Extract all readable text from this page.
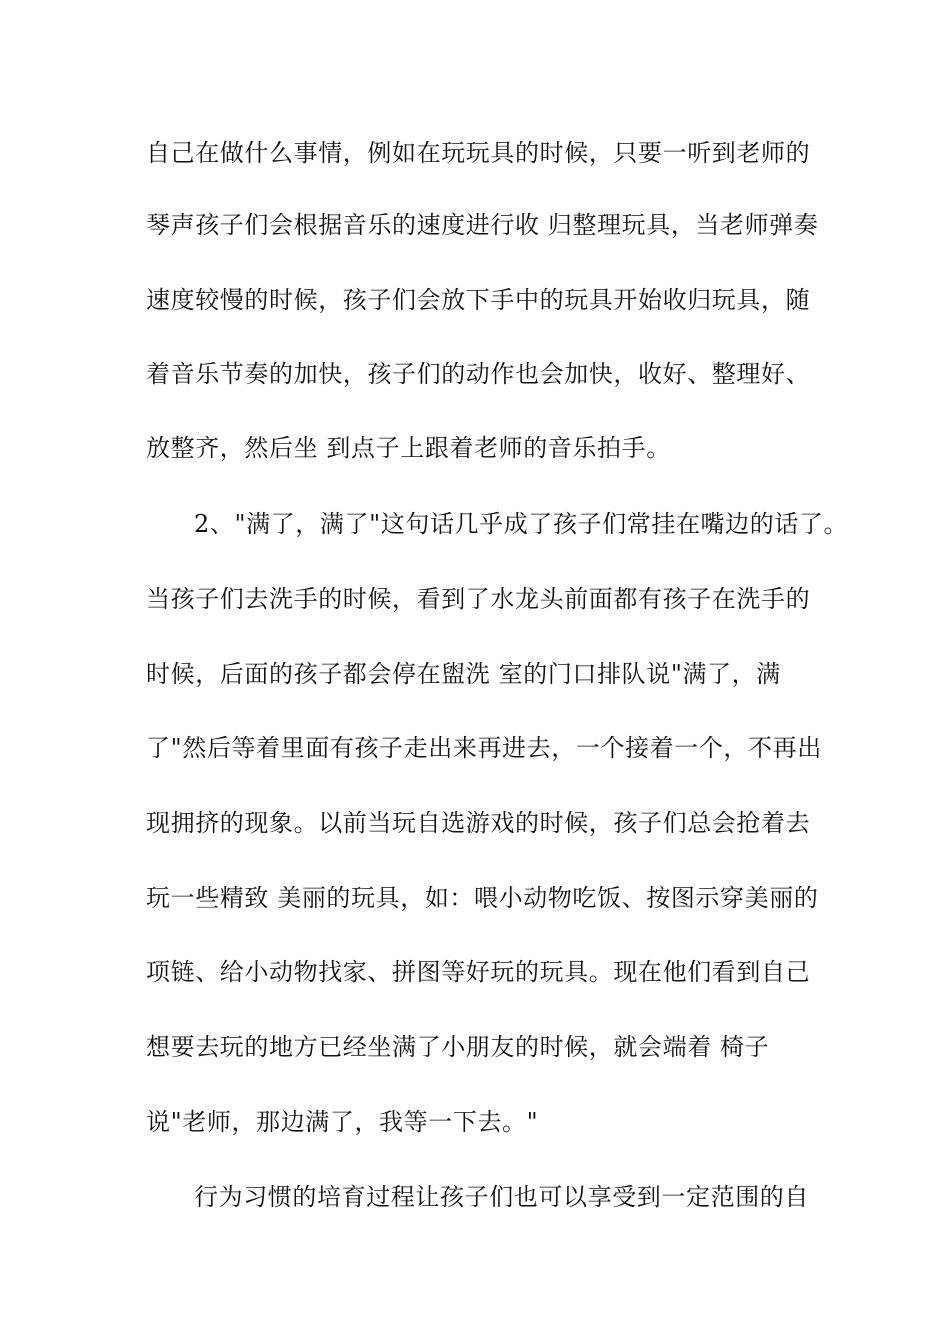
自己在做什么事情，例如在玩玩具的时候，只要一听到老师的
琴声孩子们会根据音乐的速度进行收 归整理玩具，当老师弹奏
速度较慢的时候，孩子们会放下手中的玩具开始收归玩具，随
着音乐节奏的加快，孩子们的动作也会加快，收好、整理好、
放整齐，然后坐 到点子上跟着老师的音乐拍手。
2、"满了，满了"这句话几乎成了孩子们常挂在嘴边的话了。
当孩子们去洗手的时候，看到了水龙头前面都有孩子在洗手的
时候，后面的孩子都会停在盥洗 室的门口排队说"满了，满
了"然后等着里面有孩子走出来再进去，一个接着一个，不再出
现拥挤的现象。以前当玩自选游戏的时候，孩子们总会抢着去
玩一些精致 美丽的玩具，如：喂小动物吃饭、按图示穿美丽的
项链、给小动物找家、拼图等好玩的玩具。现在他们看到自己
想要去玩的地方已经坐满了小朋友的时候，就会端着 椅子
说"老师，那边满了，我等一下去。"
行为习惯的培育过程让孩子们也可以享受到一定范围的自
